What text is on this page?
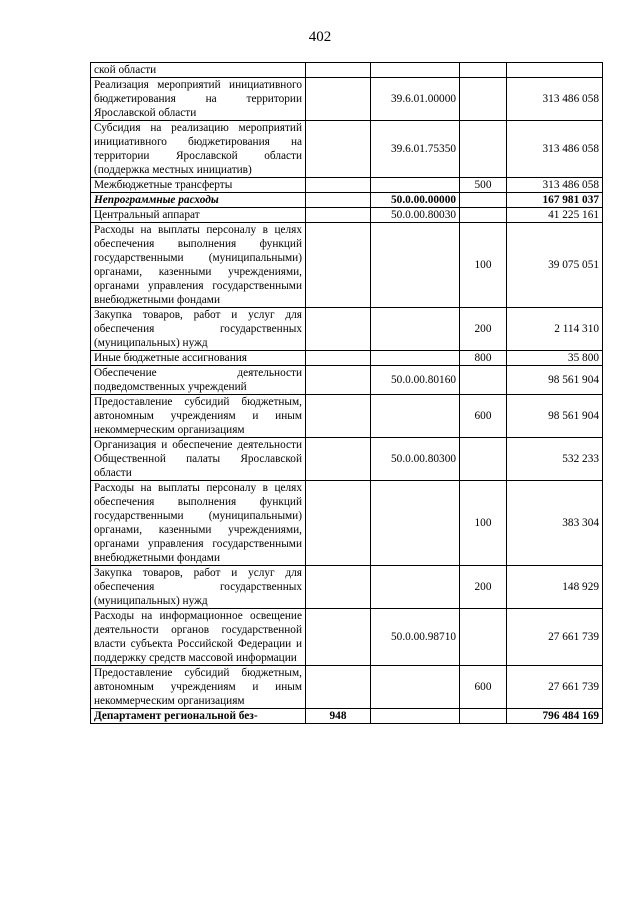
402
ской области				
Реализация мероприятий инициативного бюджетирования на территории Ярославской области		39.6.01.00000		313 486 058
Субсидия на реализацию мероприятий инициативного бюджетирования на территории Ярославской области (поддержка местных инициатив)		39.6.01.75350		313 486 058
Межбюджетные трансферты			500	313 486 058
Непрограммные расходы		50.0.00.00000		167 981 037
Центральный аппарат		50.0.00.80030		41 225 161
Расходы на выплаты персоналу в целях обеспечения выполнения функций государственными (муниципальными) органами, казенными учреждениями, органами управления государственными внебюджетными фондами			100	39 075 051
Закупка товаров, работ и услуг для обеспечения государственных (муниципальных) нужд			200	2 114 310
Иные бюджетные ассигнования			800	35 800
Обеспечение деятельности подведомственных учреждений		50.0.00.80160		98 561 904
Предоставление субсидий бюджетным, автономным учреждениям и иным некоммерческим организациям			600	98 561 904
Организация и обеспечение деятельности Общественной палаты Ярославской области		50.0.00.80300		532 233
Расходы на выплаты персоналу в целях обеспечения выполнения функций государственными (муниципальными) органами, казенными учреждениями, органами управления государственными внебюджетными фондами			100	383 304
Закупка товаров, работ и услуг для обеспечения государственных (муниципальных) нужд			200	148 929
Расходы на информационное освещение деятельности органов государственной власти субъекта Российской Федерации и поддержку средств массовой информации		50.0.00.98710		27 661 739
Предоставление субсидий бюджетным, автономным учреждениям и иным некоммерческим организациям			600	27 661 739
Департамент региональной без-	948			796 484 169
